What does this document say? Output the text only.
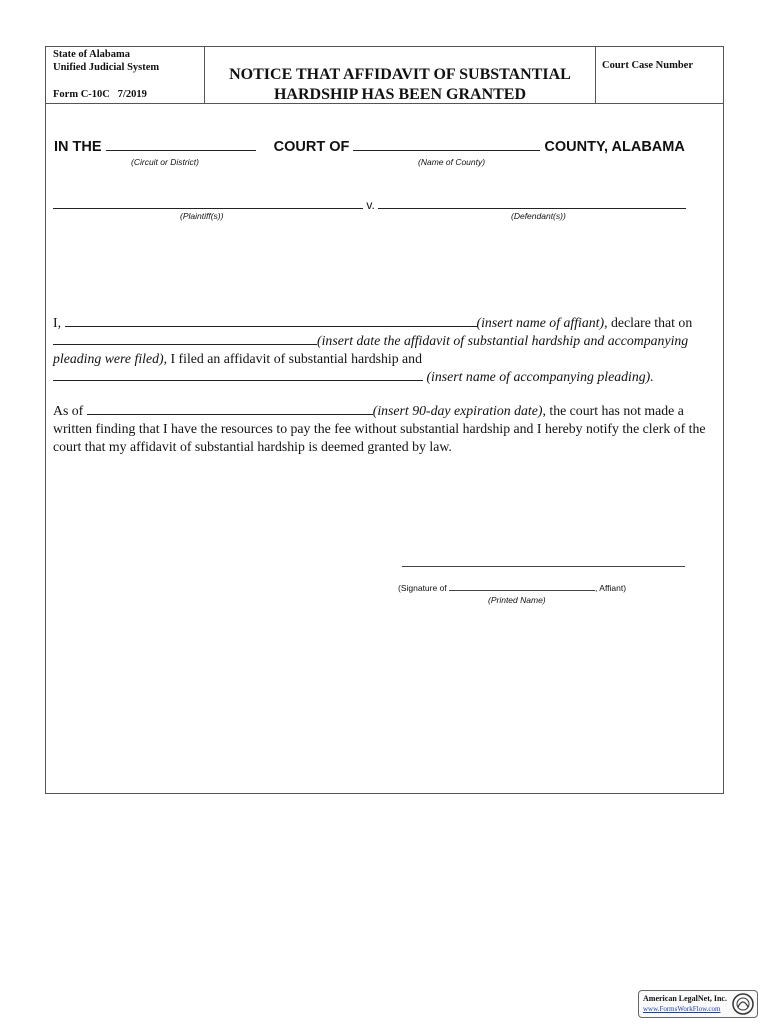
State of Alabama
Unified Judicial System
Form C-10C   7/2019
NOTICE THAT AFFIDAVIT OF SUBSTANTIAL
HARDSHIP HAS BEEN GRANTED
Court Case Number
IN THE	COURT OF	COUNTY, ALABAMA
(Circuit or District)	(Name of County)
v.
(Plaintiff(s))	(Defendant(s))
I,	(insert name of affiant), declare that on (insert date the affidavit of substantial hardship and accompanying pleading were filed), I filed an affidavit of substantial hardship and  (insert name of accompanying pleading).
As of	(insert 90-day expiration date), the court has not made a written finding that I have the resources to pay the fee without substantial hardship and I hereby notify the clerk of the court that my affidavit of substantial hardship is deemed granted by law.
(Signature of	, Affiant)
(Printed Name)
American LegalNet, Inc.
www.FormsWorkFlow.com
